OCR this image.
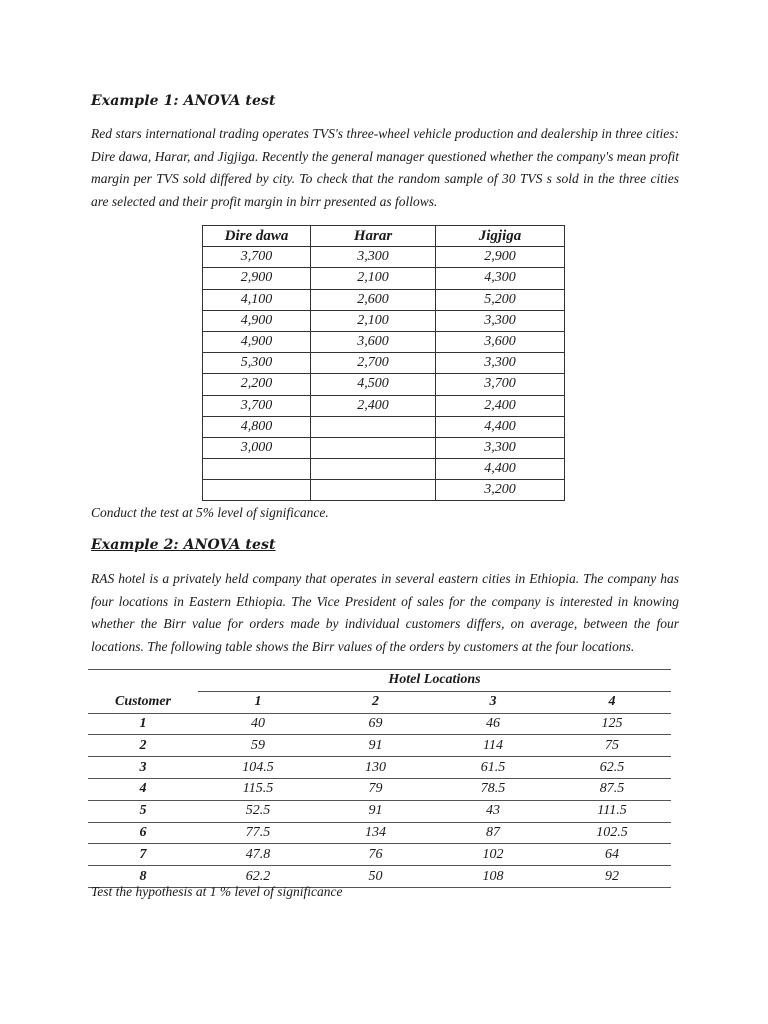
Example 1: ANOVA test
Red stars international trading operates TVS's three-wheel vehicle production and dealership in three cities: Dire dawa, Harar, and Jigjiga. Recently the general manager questioned whether the company's mean profit margin per TVS sold differed by city. To check that the random sample of 30 TVS s sold in the three cities are selected and their profit margin in birr presented as follows.
Dire dawa	Harar	Jigjiga
3,700	3,300	2,900
2,900	2,100	4,300
4,100	2,600	5,200
4,900	2,100	3,300
4,900	3,600	3,600
5,300	2,700	3,300
2,200	4,500	3,700
3,700	2,400	2,400
4,800		4,400
3,000		3,300
		4,400
		3,200
Conduct the test at 5% level of significance.
Example 2: ANOVA test
RAS hotel is a privately held company that operates in several eastern cities in Ethiopia. The company has four locations in Eastern Ethiopia. The Vice President of sales for the company is interested in knowing whether the Birr value for orders made by individual customers differs, on average, between the four locations. The following table shows the Birr values of the orders by customers at the four locations.
	Hotel Locations			
Customer	1	2	3	4
1	40	69	46	125
2	59	91	114	75
3	104.5	130	61.5	62.5
4	115.5	79	78.5	87.5
5	52.5	91	43	111.5
6	77.5	134	87	102.5
7	47.8	76	102	64
8	62.2	50	108	92
Test the hypothesis at 1 % level of significance
